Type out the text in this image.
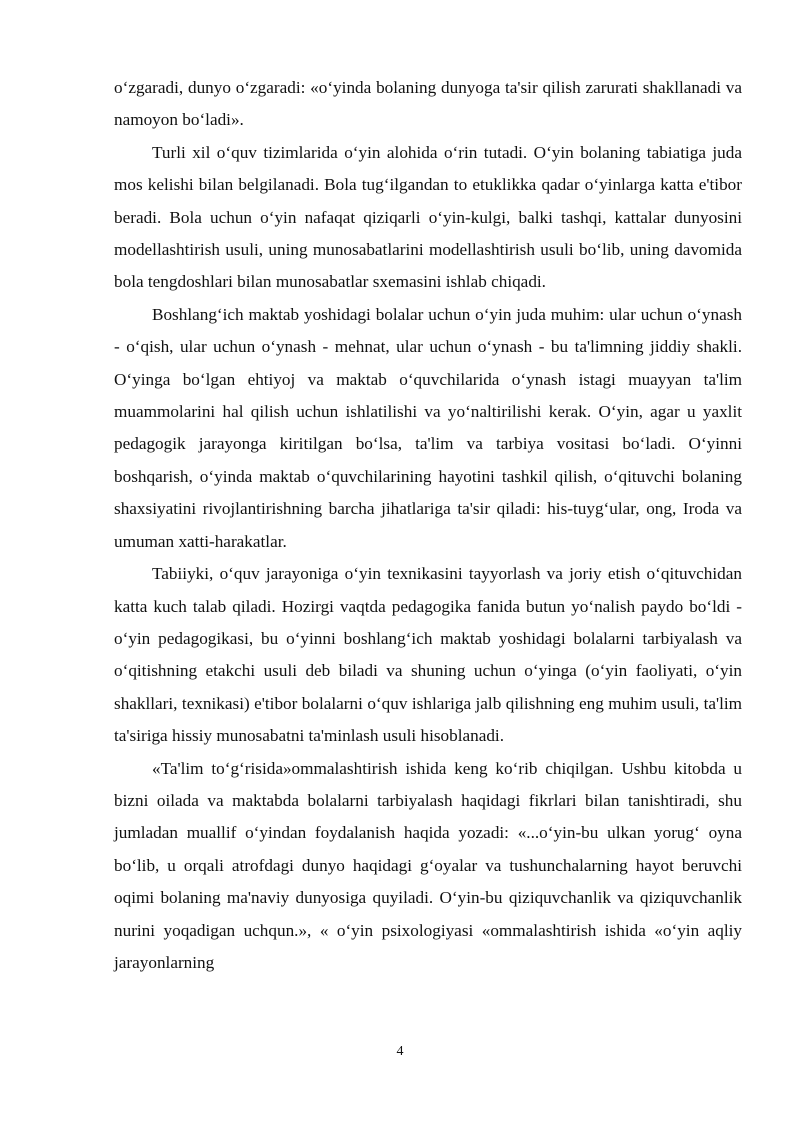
o‘zgaradi, dunyo o‘zgaradi: «o‘yinda bolaning dunyoga ta'sir qilish zarurati shakllanadi va namoyon bo‘ladi».

Turli xil o‘quv tizimlarida o‘yin alohida o‘rin tutadi. O‘yin bolaning tabiatiga juda mos kelishi bilan belgilanadi. Bola tug‘ilgandan to etuklikka qadar o‘yinlarga katta e'tibor beradi. Bola uchun o‘yin nafaqat qiziqarli o‘yin-kulgi, balki tashqi, kattalar dunyosini modellashtirish usuli, uning munosabatlarini modellashtirish usuli bo‘lib, uning davomida bola tengdoshlari bilan munosabatlar sxemasini ishlab chiqadi.

Boshlang‘ich maktab yoshidagi bolalar uchun o‘yin juda muhim: ular uchun o‘ynash - o‘qish, ular uchun o‘ynash - mehnat, ular uchun o‘ynash - bu ta'limning jiddiy shakli. O‘yinga bo‘lgan ehtiyoj va maktab o‘quvchilarida o‘ynash istagi muayyan ta'lim muammolarini hal qilish uchun ishlatilishi va yo‘naltirilishi kerak. O‘yin, agar u yaxlit pedagogik jarayonga kiritilgan bo‘lsa, ta'lim va tarbiya vositasi bo‘ladi. O‘yinni boshqarish, o‘yinda maktab o‘quvchilarining hayotini tashkil qilish, o‘qituvchi bolaning shaxsiyatini rivojlantirishning barcha jihatlariga ta'sir qiladi: his-tuyg‘ular, ong, Iroda va umuman xatti-harakatlar.

Tabiiyki, o‘quv jarayoniga o‘yin texnikasini tayyorlash va joriy etish o‘qituvchidan katta kuch talab qiladi. Hozirgi vaqtda pedagogika fanida butun yo‘nalish paydo bo‘ldi - o‘yin pedagogikasi, bu o‘yinni boshlang‘ich maktab yoshidagi bolalarni tarbiyalash va o‘qitishning etakchi usuli deb biladi va shuning uchun o‘yinga (o‘yin faoliyati, o‘yin shakllari, texnikasi) e'tibor bolalarni o‘quv ishlariga jalb qilishning eng muhim usuli, ta'lim ta'siriga hissiy munosabatni ta'minlash usuli hisoblanadi.

«Ta'lim to‘g‘risida»ommalashtirish ishida keng ko‘rib chiqilgan. Ushbu kitobda u bizni oilada va maktabda bolalarni tarbiyalash haqidagi fikrlari bilan tanishtiradi, shu jumladan muallif o‘yindan foydalanish haqida yozadi: «...o‘yin-bu ulkan yorug‘ oyna bo‘lib, u orqali atrofdagi dunyo haqidagi g‘oyalar va tushunchalarning hayot beruvchi oqimi bolaning ma'naviy dunyosiga quyiladi. O‘yin-bu qiziquvchanlik va qiziquvchanlik nurini yoqadigan uchqun.», « o‘yin psixologiyasi «ommalashtirish ishida «o‘yin aqliy jarayonlarning

4
